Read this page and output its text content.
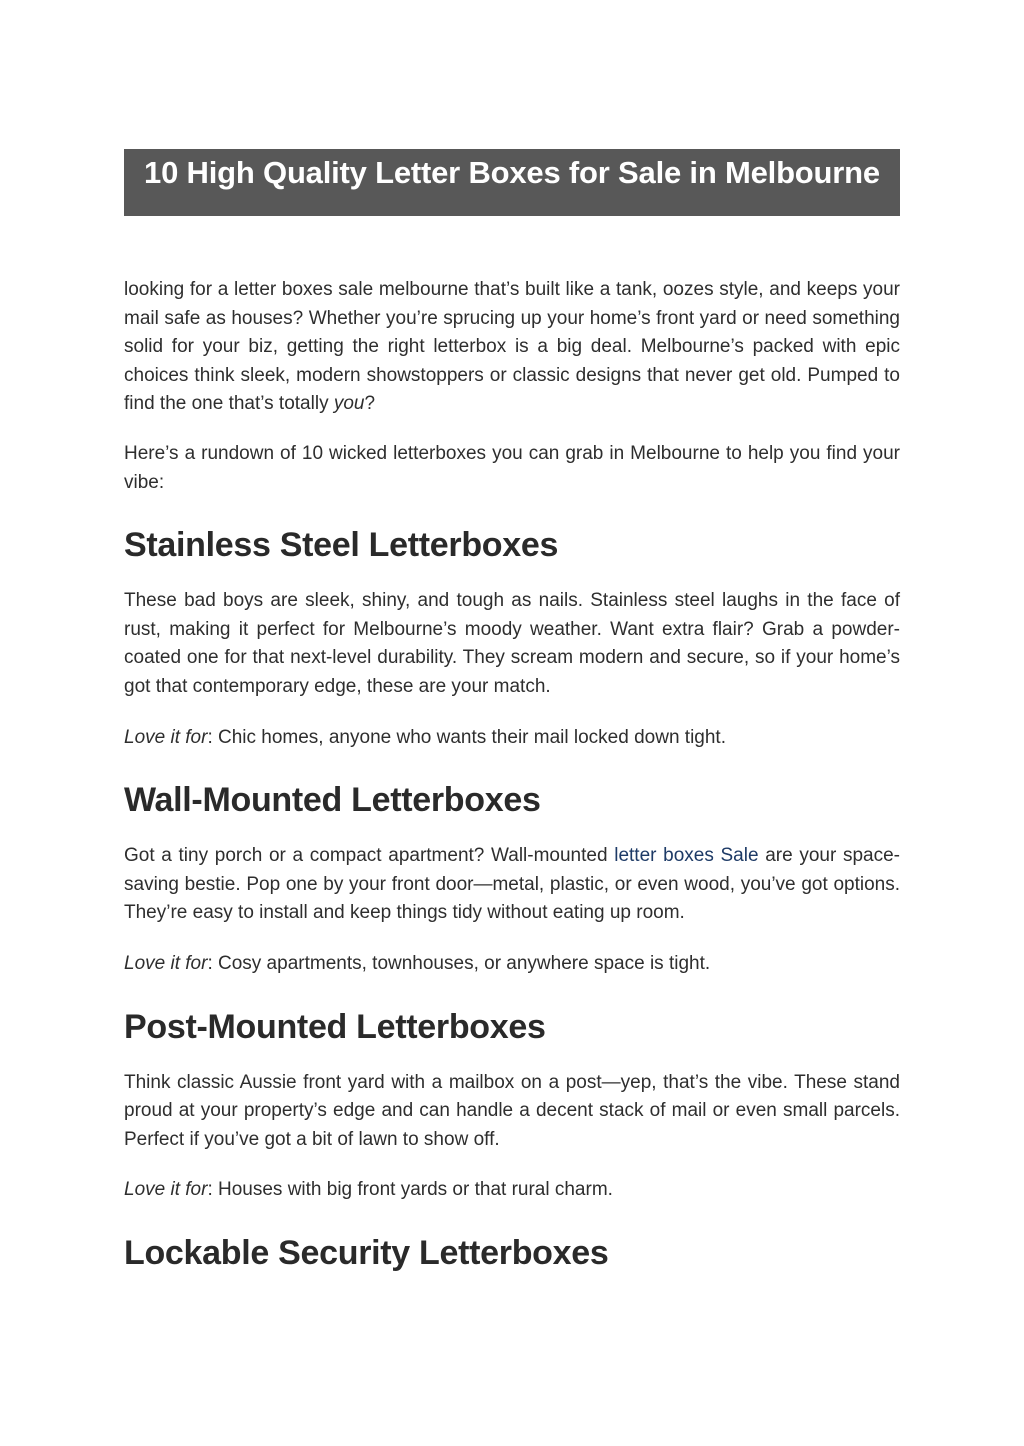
10 High Quality Letter Boxes for Sale in Melbourne

looking for a letter boxes sale melbourne that’s built like a tank, oozes style, and keeps your mail safe as houses? Whether you’re sprucing up your home’s front yard or need something solid for your biz, getting the right letterbox is a big deal. Melbourne’s packed with epic choices think sleek, modern showstoppers or classic designs that never get old. Pumped to find the one that’s totally you?

Here’s a rundown of 10 wicked letterboxes you can grab in Melbourne to help you find your vibe:

Stainless Steel Letterboxes

These bad boys are sleek, shiny, and tough as nails. Stainless steel laughs in the face of rust, making it perfect for Melbourne’s moody weather. Want extra flair? Grab a powder-coated one for that next-level durability. They scream modern and secure, so if your home’s got that contemporary edge, these are your match.

Love it for: Chic homes, anyone who wants their mail locked down tight.

Wall-Mounted Letterboxes

Got a tiny porch or a compact apartment? Wall-mounted letter boxes Sale are your space-saving bestie. Pop one by your front door—metal, plastic, or even wood, you’ve got options. They’re easy to install and keep things tidy without eating up room.

Love it for: Cosy apartments, townhouses, or anywhere space is tight.

Post-Mounted Letterboxes

Think classic Aussie front yard with a mailbox on a post—yep, that’s the vibe. These stand proud at your property’s edge and can handle a decent stack of mail or even small parcels. Perfect if you’ve got a bit of lawn to show off.

Love it for: Houses with big front yards or that rural charm.

Lockable Security Letterboxes
